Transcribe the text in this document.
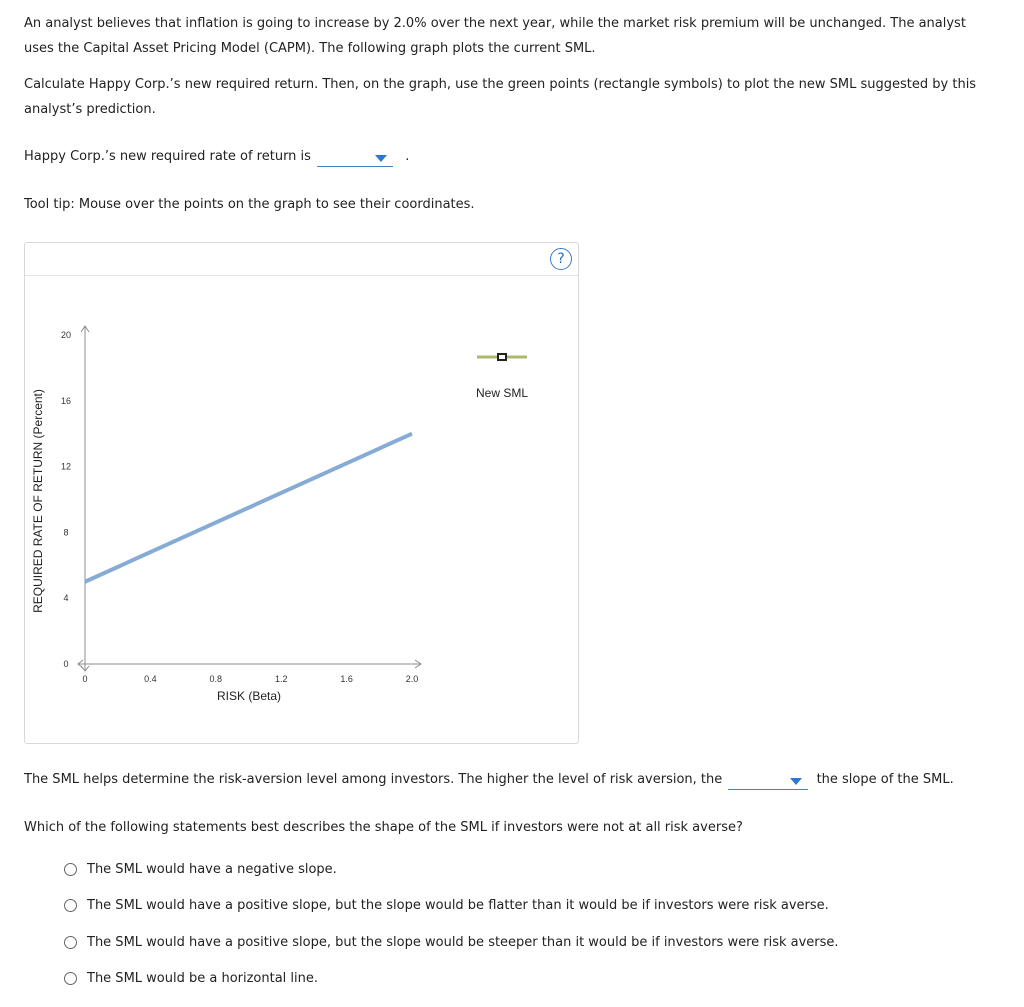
An analyst believes that inflation is going to increase by 2.0% over the next year, while the market risk premium will be unchanged. The analyst uses the Capital Asset Pricing Model (CAPM). The following graph plots the current SML.

Calculate Happy Corp.’s new required return. Then, on the graph, use the green points (rectangle symbols) to plot the new SML suggested by this analyst’s prediction.

Happy Corp.’s new required rate of return is	.

Tool tip: Mouse over the points on the graph to see their coordinates.

?
REQUIRED RATE OF RETURN (Percent)
RISK (Beta)
0
4
8
12
16
20
0	0.4	0.8	1.2	1.6	2.0
New SML
The SML helps determine the risk-aversion level among investors. The higher the level of risk aversion, the	the slope of the SML.

Which of the following statements best describes the shape of the SML if investors were not at all risk averse?

The SML would have a negative slope.
The SML would have a positive slope, but the slope would be flatter than it would be if investors were risk averse.
The SML would have a positive slope, but the slope would be steeper than it would be if investors were risk averse.
The SML would be a horizontal line.
